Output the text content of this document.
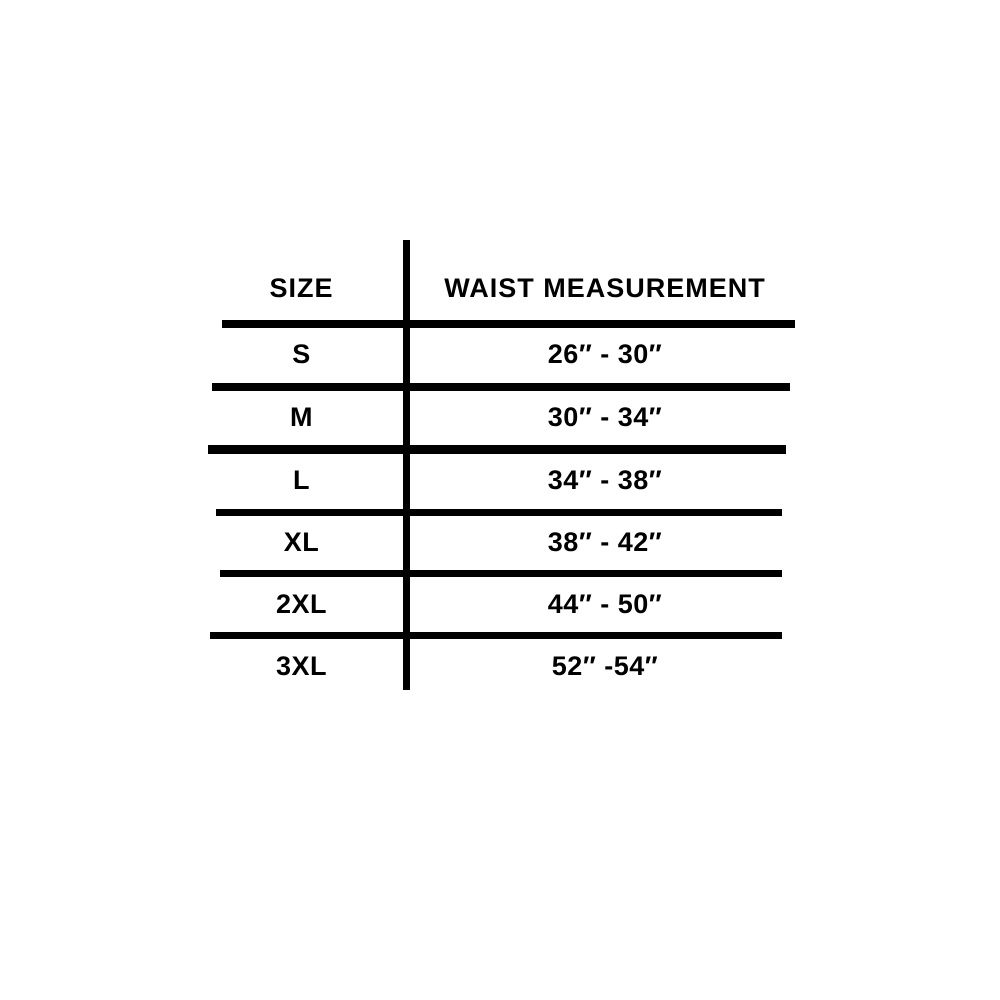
SIZE	WAIST MEASUREMENT
S	26″ - 30″
M	30″ - 34″
L	34″ - 38″
XL	38″ - 42″
2XL	44″ - 50″
3XL	52″ -54″
